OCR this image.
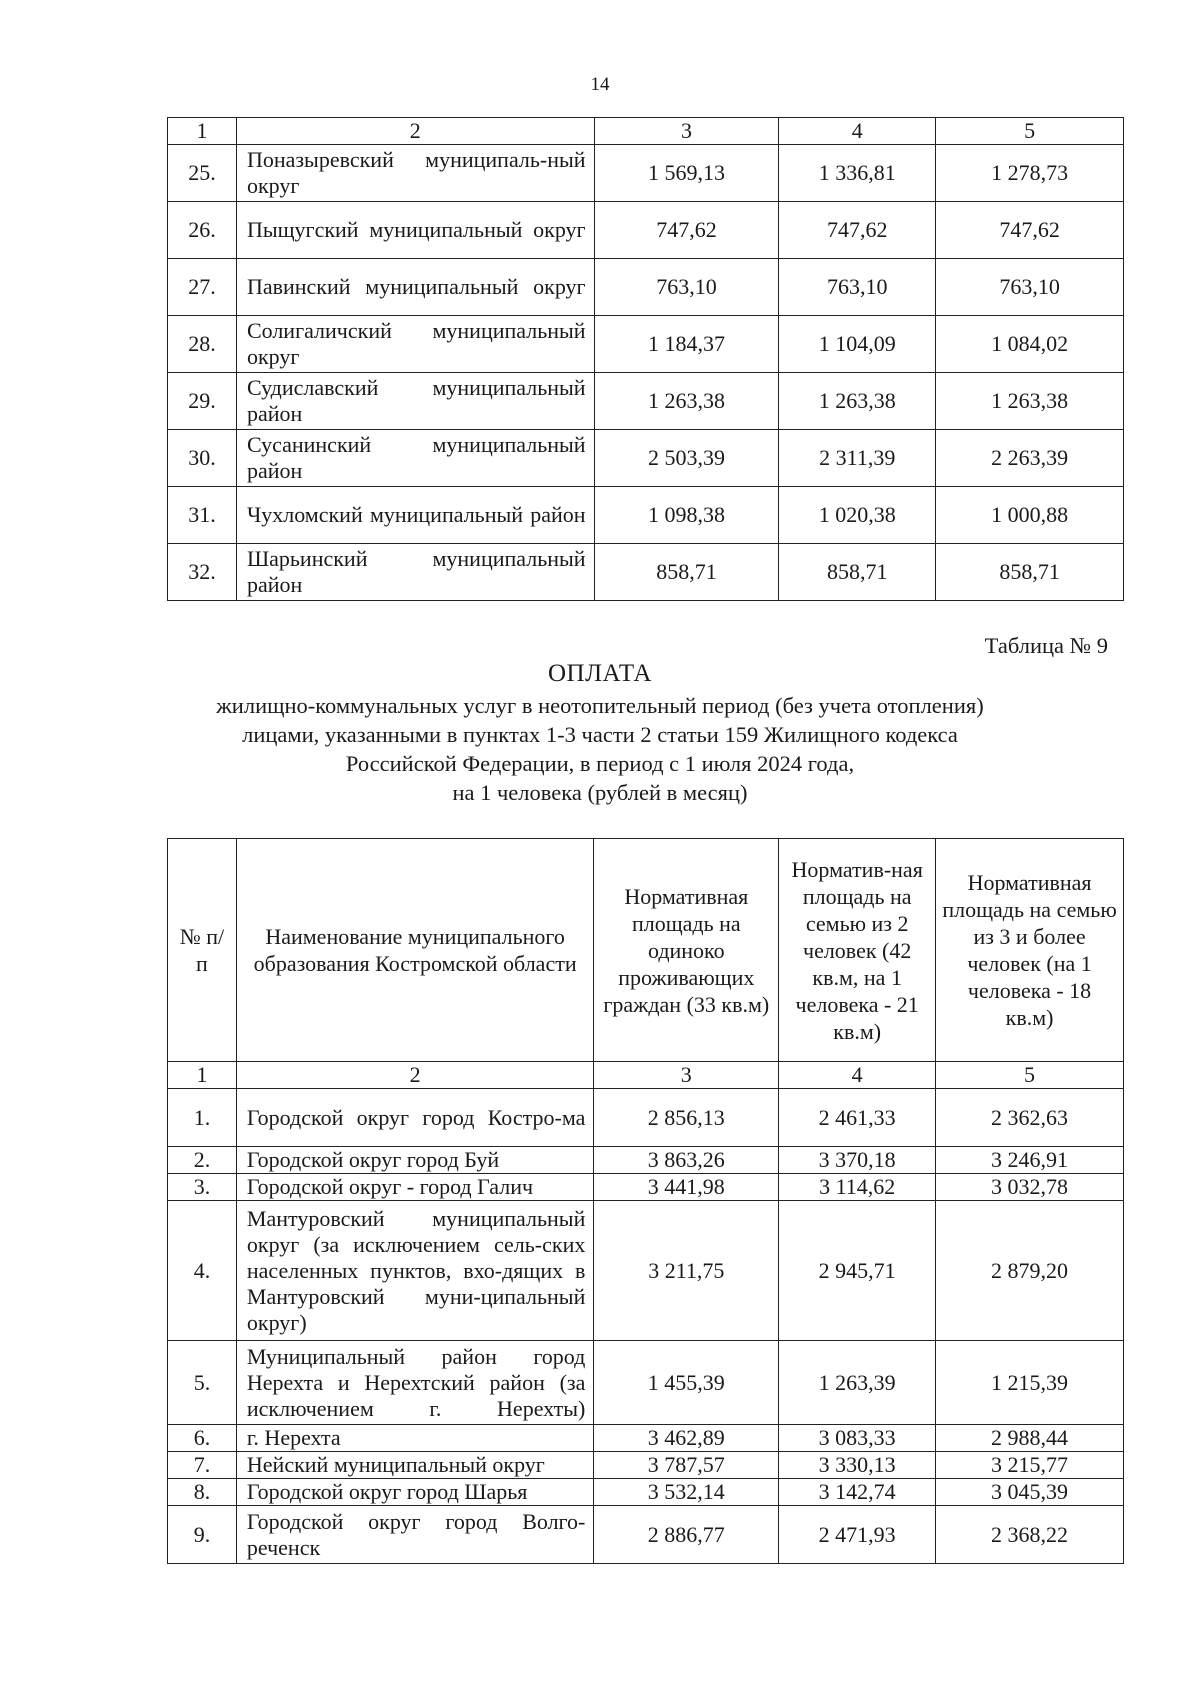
14
1	2	3	4	5
25.	Поназыревский муниципаль-ный округ	1 569,13	1 336,81	1 278,73
26.	Пыщугский муниципальный округ	747,62	747,62	747,62
27.	Павинский муниципальный округ	763,10	763,10	763,10
28.	Солигаличский муниципальный округ	1 184,37	1 104,09	1 084,02
29.	Судиславский муниципальный район	1 263,38	1 263,38	1 263,38
30.	Сусанинский муниципальный район	2 503,39	2 311,39	2 263,39
31.	Чухломский муниципальный район	1 098,38	1 020,38	1 000,88
32.	Шарьинский муниципальный район	858,71	858,71	858,71
Таблица № 9
ОПЛАТА
жилищно-коммунальных услуг в неотопительный период (без учета отопления)
лицами, указанными в пунктах 1-3 части 2 статьи 159 Жилищного кодекса
Российской Федерации, в период с 1 июля 2024 года,
на 1 человека (рублей в месяц)
№ п/п	Наименование муниципального образования Костромской области	Нормативная площадь на одиноко проживающих граждан (33 кв.м)	Норматив-ная площадь на семью из 2 человек (42 кв.м, на 1 человека - 21 кв.м)	Нормативная площадь на семью из 3 и более человек (на 1 человека - 18 кв.м)
1	2	3	4	5
1.	Городской округ город Костро-ма	2 856,13	2 461,33	2 362,63
2.	Городской округ город Буй	3 863,26	3 370,18	3 246,91
3.	Городской округ - город Галич	3 441,98	3 114,62	3 032,78
4.	Мантуровский муниципальный округ (за исключением сель-ских населенных пунктов, вхо-дящих в Мантуровский муни-ципальный округ)	3 211,75	2 945,71	2 879,20
5.	Муниципальный район город Нерехта и Нерехтский район (за исключением г. Нерехты)	1 455,39	1 263,39	1 215,39
6.	г. Нерехта	3 462,89	3 083,33	2 988,44
7.	Нейский муниципальный округ	3 787,57	3 330,13	3 215,77
8.	Городской округ город Шарья	3 532,14	3 142,74	3 045,39
9.	Городской округ город Волго-реченск	2 886,77	2 471,93	2 368,22
